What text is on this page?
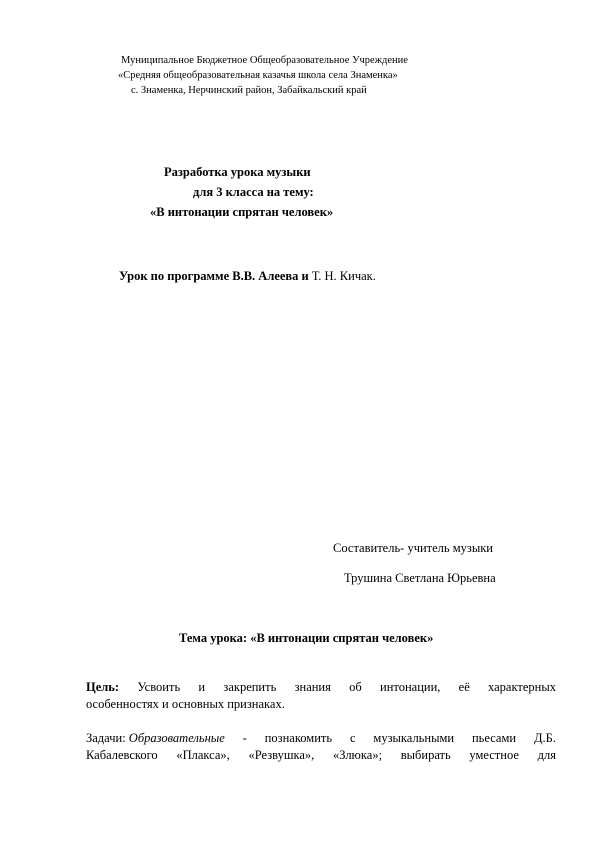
Муниципальное Бюджетное Общеобразовательное Учреждение
«Средняя общеобразовательная казачья школа села Знаменка»
с. Знаменка, Нерчинский район, Забайкальский край
Разработка урока музыки
для 3 класса на тему:
«В интонации спрятан человек»
Урок по программе В.В. Алеева и Т. Н. Кичак.
Составитель- учитель музыки
Трушина Светлана Юрьевна
Тема урока: «В интонации спрятан человек»
Цель: Усвоить и закрепить знания об интонации, её характерных
особенностях и основных признаках.
Задачи: Образовательные - познакомить с музыкальными пьесами Д.Б.
Кабалевского «Плакса», «Резвушка», «Злюка»; выбирать уместное для
